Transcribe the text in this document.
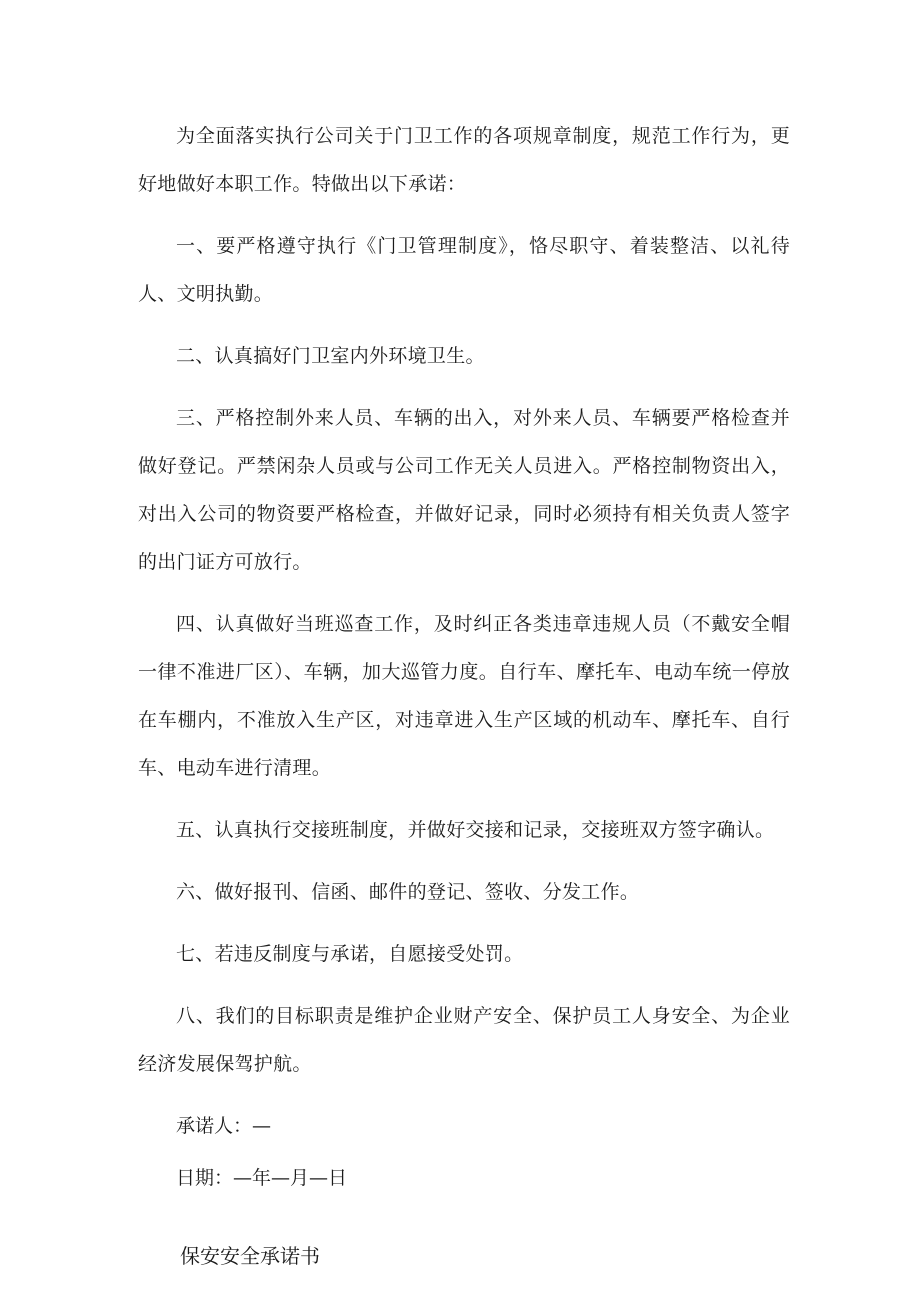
为全面落实执行公司关于门卫工作的各项规章制度，规范工作行为，更好地做好本职工作。特做出以下承诺：

一、要严格遵守执行《门卫管理制度》，恪尽职守、着装整洁、以礼待人、文明执勤。

二、认真搞好门卫室内外环境卫生。

三、严格控制外来人员、车辆的出入，对外来人员、车辆要严格检查并做好登记。严禁闲杂人员或与公司工作无关人员进入。严格控制物资出入，对出入公司的物资要严格检查，并做好记录，同时必须持有相关负责人签字的出门证方可放行。

四、认真做好当班巡查工作，及时纠正各类违章违规人员（不戴安全帽一律不准进厂区）、车辆，加大巡管力度。自行车、摩托车、电动车统一停放在车棚内，不准放入生产区，对违章进入生产区域的机动车、摩托车、自行车、电动车进行清理。

五、认真执行交接班制度，并做好交接和记录，交接班双方签字确认。

六、做好报刊、信函、邮件的登记、签收、分发工作。

七、若违反制度与承诺，自愿接受处罚。

八、我们的目标职责是维护企业财产安全、保护员工人身安全、为企业经济发展保驾护航。

承诺人：—

日期：—年—月—日

保安安全承诺书
